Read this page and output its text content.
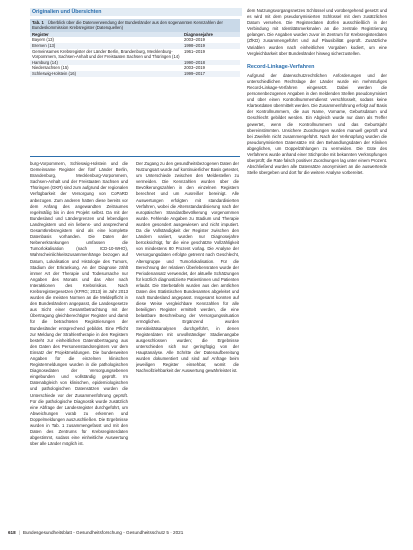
Originalien und Übersichten
Tab. 1 Überblick über die Datenverwendung der Bundesländer aus den sogenannten Kennzahlen der Bundeskommission Krebsregister (Datenquellen)
Register	Diagnosejahre
Bayern (13)	2003–2019
Bremen (13)	1998–2019
Gemeinsames Krebsregister der Länder Berlin, Brandenburg, Mecklenburg-Vorpommern, Sachsen-Anhalt und der Freistaaten Sachsen und Thüringen (14)	1961–2019
Hamburg (14)	1990–2018
Niedersachsen (15)	2003–2019
Schleswig-Holstein (16)	1999–2017
burg-Vorpommern, Schleswig-Holstein und die Gemeinsame Register der fünf Länder Berlin, Brandenburg, Mecklenburg-Vorpommern, Sachsen-Anhalt und der Freistaaten Sachsen und Thüringen (GKR) sind zum aufgrund der regionalen Verfügbarkeit der Versorgung von CoPaRD anbezogen. Zum anderen hatten diese bereits vor dem Anfang des angewandten Zeitraumes regelmäßig bis in den Projekt selbst. Da mit der Bundesland und Ländergrenzen und lebendigen Landregistern und ein liebens- und ansprechend Gesamtkrebsregistern sind als eine komplette Datenbasis vorhanden. Die Daten der Nebenerkrankungen umfassen die Tumorlokalisation (nach ICD-10-WHO), Wahrscheinlichkeitszusammenhänge bezogen auf Datum, Lokalisation und Histologie des Tumors, Stadium der Erkrankung. An der Diagnose zählt immer Art der Therapie und Todesursache nur Angaben des Monats und das Alter nach Interaktionen des Krebsrisikos. Nach Krebsregistergesetzen (KFRG; 2013) im Jahr 2013 wurden die meisten Normen an die Meldepflicht in den Bundesländern angepasst, die Landesgesetze aus Sicht einer Gesamtbetrachtung mit der Übertragung gleichberechtigter Register und damit für die betrachteten Registrierungen der Bundesländer entsprechend gebildet. Eine Pflicht zur Meldung der Strahlentherapie in den Registern besteht zur einheitlichen Datenübertragung aus den Daten des Personenstandsregisters vor dem Einsatz der Projektmeldungen. Die bundesweiten Angaben für die einzelnen klinischen Registermeldungen wurden in die pathologischen Diagnosedaten der Versorgungsebenen eingebunden und vollständig geprüft. Im Datenabgleich von klinischen, epidemiologischen und pathologischen Datensätzen wurden die Unterschiede vor der Zusammenführung geprüft. Für die pathologische Diagnostik wurde zusätzlich eine Abfrage der Landesregister durchgeführt, um Abweichungen vorab zu erkennen und Doppelmeldungen auszuschließen. Die Ergebnisse wurden in Tab. 1 zusammengefasst und mit den Daten des Zentrums für Krebsregisterdaten abgestimmt, sodass eine einheitliche Auswertung über alle Länder möglich ist.
Der Zugang zu den gesundheitsbezogenen Daten der Nutzungsart wurde auf kontinuierlicher Basis getestet, um Unterschiede zwischen den Meldestellen zu vermeiden. Die Kennzahlen wurden über die Bevölkerungszahlen in den einzelnen Registern berechnet und um Ausreißer bereinigt. Alle Auswertungen erfolgten mit standardisierten Verfahren, wobei die Altersstandardisierung nach der europäischen Standardbevölkerung vorgenommen wurde. Fehlende Angaben zu Stadium und Therapie wurden gesondert ausgewiesen und nicht imputiert. Da die Vollständigkeit der Register zwischen den Ländern variiert, wurden nur Diagnosejahre berücksichtigt, für die eine geschätzte Vollzähligkeit von mindestens 80 Prozent vorlag. Die Analyse der Versorgungsdaten erfolgte getrennt nach Geschlecht, Altersgruppe und Tumorlokalisation. Für die Berechnung der relativen Überlebensraten wurde der Periodenansatz verwendet, der aktuelle Schätzungen für kürzlich diagnostizierte Patientinnen und Patienten erlaubt. Die Sterbetafeln wurden aus den amtlichen Daten des Statistischen Bundesamtes abgeleitet und nach Bundesland angepasst. Insgesamt konnten auf diese Weise vergleichbare Kennzahlen für alle beteiligten Register ermittelt werden, die eine belastbare Beschreibung der Versorgungssituation ermöglichen. Ergänzend wurden Sensitivitätsanalysen durchgeführt, in denen Registerdaten mit unvollständiger Stadienangabe ausgeschlossen wurden; die Ergebnisse unterschieden sich nur geringfügig von der Hauptanalyse. Alle Schritte der Datenaufbereitung wurden dokumentiert und sind auf Anfrage beim jeweiligen Register einsehbar, womit die Nachvollziehbarkeit der Auswertung gewährleistet ist.

dem Nutzungsvorgangsnetzes Schlüssel und vorübergehend gesetzt und es wird mit dem pseudonymisierten Schlüssel mit dem zusätzlichen Datum versehen. Die Registerdaten dürfen ausschließlich in der Verbindung mit Identitätsmerkmalen an die zentrale Registrierung gelangen. Die Angaben wurden zuvor im Zentrum für Krebsregisterdaten (ZfKD) zusammengeführt und auf Plausibilität geprüft. Zusätzliche Variablen wurden nach einheitlichen Vorgaben kodiert, um eine Vergleichbarkeit über Bundesländer hinweg sicherzustellen.

Record-Linkage-Verfahren

Aufgrund der datenschutzrechtlichen Anforderungen und der unterschiedlichen Rechtslage der Länder wurde ein mehrstufiges Record-Linkage-Verfahren eingesetzt. Dabei werden die personenbezogenen Angaben in den meldenden Stellen pseudonymisiert und über einen Kontrollnummerndienst verschlüsselt, sodass keine Klartextdaten übermittelt werden. Die Zusammenführung erfolgt auf Basis der Kontrollnummern, die aus Name, Vorname, Geburtsdatum und Geschlecht gebildet werden. Ein Abgleich wurde nur dann als Treffer gewertet, wenn die Kontrollnummern und das Geburtsjahr übereinstimmten. Unsichere Zuordnungen wurden manuell geprüft und bei Zweifeln nicht zusammengeführt. Nach der Verknüpfung wurden die pseudonymisierten Datensätze mit den Behandlungsdaten der Kliniken abgeglichen, um Doppelzählungen zu vermeiden. Die Güte des Verfahrens wurde anhand einer Stichprobe mit bekannten Verknüpfungen überprüft; die Rate falsch positiver Zuordnungen lag unter einem Prozent. Abschließend wurden alle Datensätze anonymisiert an die auswertende Stelle übergeben und dort für die weitere Analyse vorbereitet.

618 | Bundesgesundheitsblatt - Gesundheitsforschung - Gesundheitsschutz 5 · 2021
